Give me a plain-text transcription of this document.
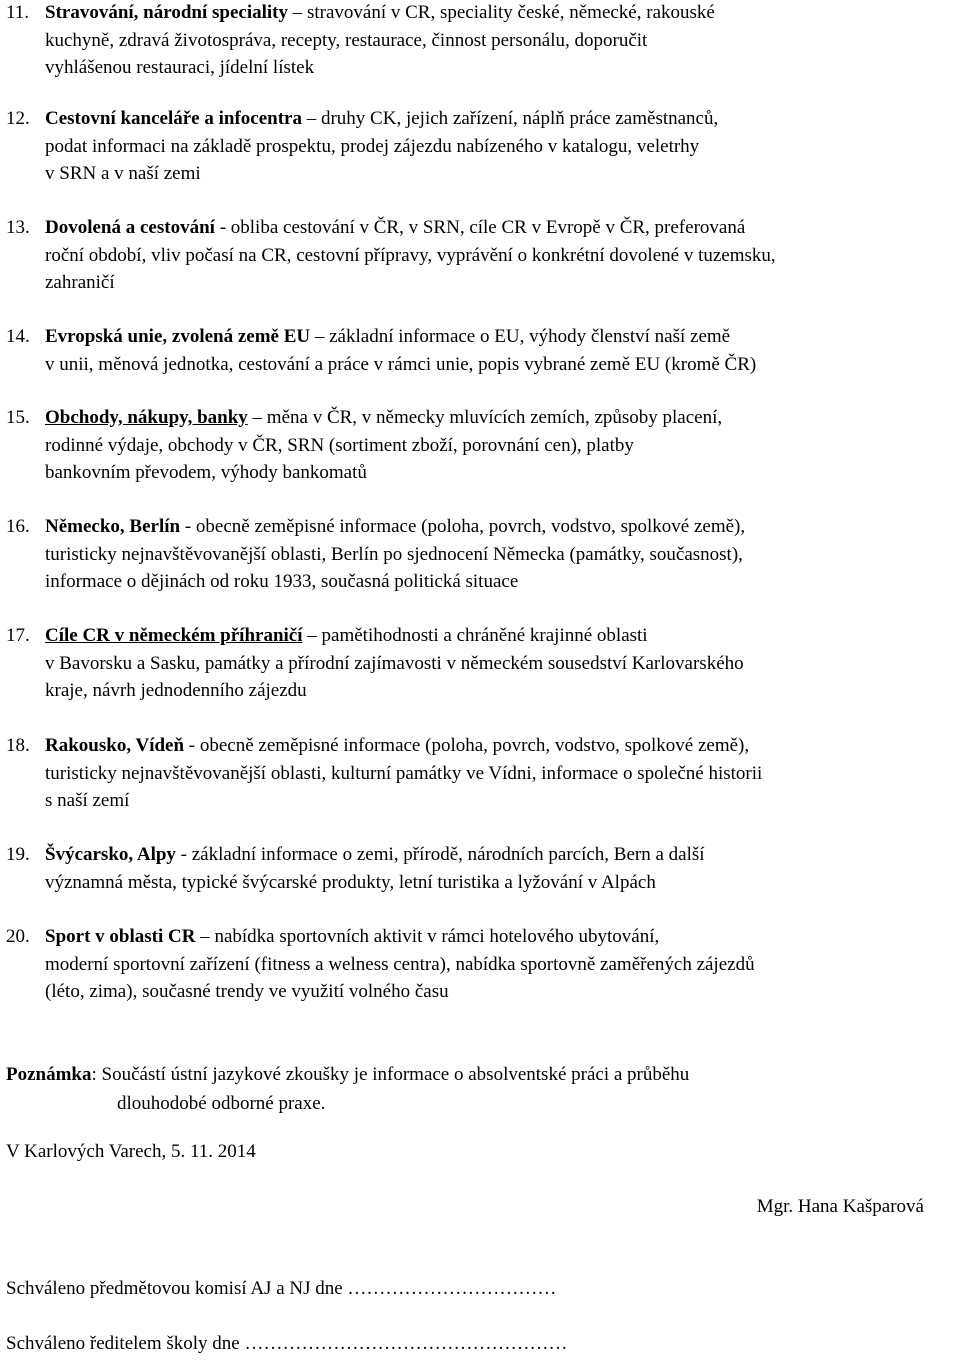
11. Stravování, národní speciality – stravování v CR, speciality české, německé, rakouské
kuchyně, zdravá životospráva, recepty, restaurace, činnost personálu, doporučit
vyhlášenou restauraci, jídelní lístek
12. Cestovní kanceláře a infocentra – druhy CK, jejich zařízení, náplň práce zaměstnanců,
podat informaci na základě prospektu, prodej zájezdu nabízeného v katalogu, veletrhy
v SRN a v naší zemi
13. Dovolená a cestování - obliba cestování v ČR, v SRN, cíle CR v Evropě v ČR, preferovaná
roční období, vliv počasí na CR, cestovní přípravy, vyprávění o konkrétní dovolené v tuzemsku,
zahraničí
14. Evropská unie, zvolená země EU – základní informace o EU, výhody členství naší země
v unii, měnová jednotka, cestování a práce v rámci unie, popis vybrané země EU (kromě ČR)
15. Obchody, nákupy, banky – měna v ČR, v německy mluvících zemích, způsoby placení,
rodinné výdaje, obchody v ČR, SRN (sortiment zboží, porovnání cen), platby
bankovním převodem, výhody bankomatů
16. Německo, Berlín - obecně zeměpisné informace (poloha, povrch, vodstvo, spolkové země),
turisticky nejnavštěvovanější oblasti, Berlín po sjednocení Německa (památky, současnost),
informace o dějinách od roku 1933, současná politická situace
17. Cíle CR v německém příhraničí – pamětihodnosti a chráněné krajinné oblasti
v Bavorsku a Sasku, památky a přírodní zajímavosti v německém sousedství Karlovarského
kraje, návrh jednodenního zájezdu
18. Rakousko, Vídeň - obecně zeměpisné informace (poloha, povrch, vodstvo, spolkové země),
turisticky nejnavštěvovanější oblasti, kulturní památky ve Vídni, informace o společné historii
s naší zemí
19. Švýcarsko, Alpy - základní informace o zemi, přírodě, národních parcích, Bern a další
významná města, typické švýcarské produkty, letní turistika a lyžování v Alpách
20. Sport v oblasti CR – nabídka sportovních aktivit v rámci hotelového ubytování,
moderní sportovní zařízení (fitness a welness centra), nabídka sportovně zaměřených zájezdů
(léto, zima), současné trendy ve využití volného času
Poznámka: Součástí ústní jazykové zkoušky je informace o absolventské práci a průběhu
dlouhodobé odborné praxe.
V Karlových Varech, 5. 11. 2014
Mgr. Hana Kašparová
Schváleno předmětovou komisí AJ a NJ dne ……………………………
Schváleno ředitelem školy dne ……………………………………………
